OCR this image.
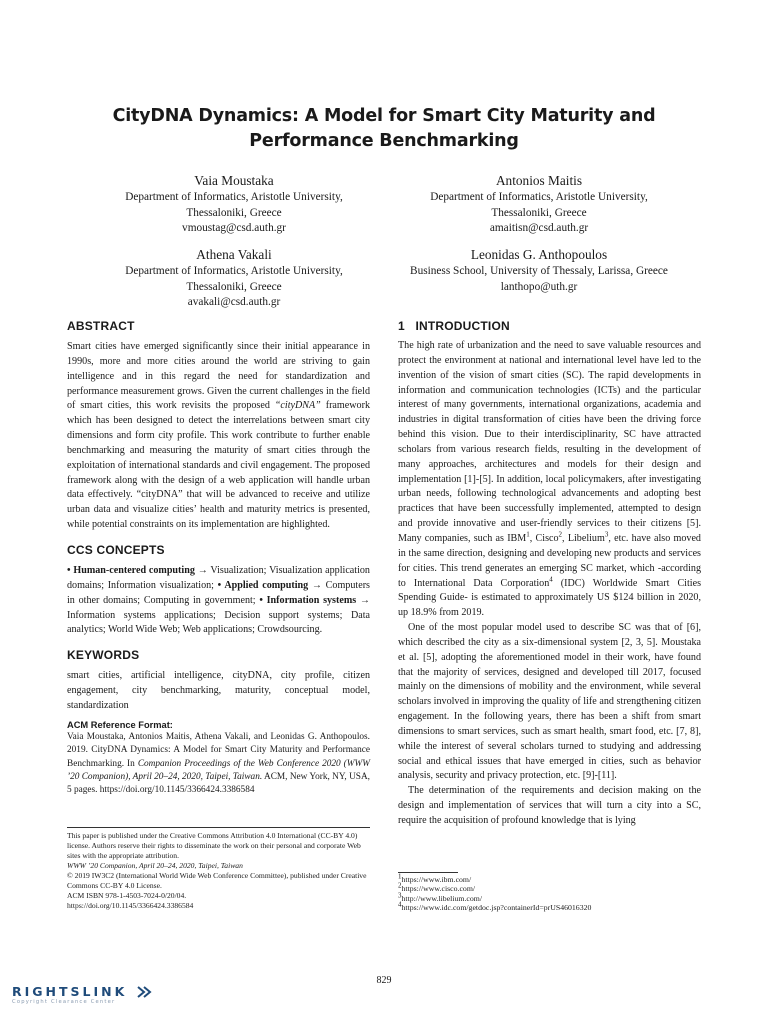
CityDNA Dynamics: A Model for Smart City Maturity and
Performance Benchmarking
Vaia Moustaka
Department of Informatics, Aristotle University,
Thessaloniki, Greece
vmoustag@csd.auth.gr
Antonios Maitis
Department of Informatics, Aristotle University,
Thessaloniki, Greece
amaitisn@csd.auth.gr
Athena Vakali
Department of Informatics, Aristotle University,
Thessaloniki, Greece
avakali@csd.auth.gr
Leonidas G. Anthopoulos
Business School, University of Thessaly, Larissa, Greece
lanthopo@uth.gr
ABSTRACT

Smart cities have emerged significantly since their initial appearance in 1990s, more and more cities around the world are striving to gain intelligence and in this regard the need for standardization and performance measurement grows. Given the current challenges in the field of smart cities, this work revisits the proposed “cityDNA” framework which has been designed to detect the interrelations between smart city dimensions and form city profile. This work contribute to further enable benchmarking and measuring the maturity of smart cities through the exploitation of international standards and civil engagement. The proposed framework along with the design of a web application will handle urban data effectively. “cityDNA” that will be advanced to receive and utilize urban data and visualize cities’ health and maturity metrics is presented, while potential constraints on its implementation are highlighted.

CCS CONCEPTS

• Human-centered computing → Visualization; Visualization application domains; Information visualization; • Applied computing → Computers in other domains; Computing in government; • Information systems → Information systems applications; Decision support systems; Data analytics; World Wide Web; Web applications; Crowdsourcing.

KEYWORDS

smart cities, artificial intelligence, cityDNA, city profile, citizen engagement, city benchmarking, maturity, conceptual model, standardization

ACM Reference Format:

Vaia Moustaka, Antonios Maitis, Athena Vakali, and Leonidas G. Anthopoulos. 2019. CityDNA Dynamics: A Model for Smart City Maturity and Performance Benchmarking. In Companion Proceedings of the Web Conference 2020 (WWW ’20 Companion), April 20–24, 2020, Taipei, Taiwan. ACM, New York, NY, USA, 5 pages. https://doi.org/10.1145/3366424.3386584

This paper is published under the Creative Commons Attribution 4.0 International (CC-BY 4.0) license. Authors reserve their rights to disseminate the work on their personal and corporate Web sites with the appropriate attribution.

WWW ’20 Companion, April 20–24, 2020, Taipei, Taiwan

© 2019 IW3C2 (International World Wide Web Conference Committee), published under Creative Commons CC-BY 4.0 License.

ACM ISBN 978-1-4503-7024-0/20/04.

https://doi.org/10.1145/3366424.3386584

1   INTRODUCTION

The high rate of urbanization and the need to save valuable resources and protect the environment at national and international level have led to the invention of the vision of smart cities (SC). The rapid developments in information and communication technologies (ICTs) and the particular interest of many governments, international organizations, academia and industries in digital transformation of cities have been the driving force behind this vision. Due to their interdisciplinarity, SC have attracted scholars from various research fields, resulting in the development of many approaches, architectures and models for their design and implementation [1]-[5]. In addition, local policymakers, after investigating urban needs, following technological advancements and adopting best practices that have been successfully implemented, attempted to design and provide innovative and user-friendly services to their citizens [5]. Many companies, such as IBM$^1$, Cisco$^2$, Libelium$^3$, etc. have also moved in the same direction, designing and developing new products and services for cities. This trend generates an emerging SC market, which -according to International Data Corporation$^4$ (IDC) Worldwide Smart Cities Spending Guide- is estimated to approximately US $124 billion in 2020, up 18.9% from 2019.

One of the most popular model used to describe SC was that of [6], which described the city as a six-dimensional system [2, 3, 5]. Moustaka et al. [5], adopting the aforementioned model in their work, have found that the majority of services, designed and developed till 2017, focused mainly on the dimensions of mobility and the environment, while several scholars involved in improving the quality of life and strengthening citizen engagement. In the following years, there has been a shift from smart dimensions to smart services, such as smart health, smart food, etc. [7, 8], while the interest of several scholars turned to studying and addressing social and ethical issues that have emerged in cities, such as behavior analysis, security and privacy protection, etc. [9]-[11].

The determination of the requirements and decision making on the design and implementation of services that will turn a city into a SC, require the acquisition of profound knowledge that is lying

$^1$https://www.ibm.com/

$^2$https://www.cisco.com/

$^3$http://www.libelium.com/

$^4$https://www.idc.com/getdoc.jsp?containerId=prUS46016320

829
RIGHTSLINK
Copyright Clearance Center
